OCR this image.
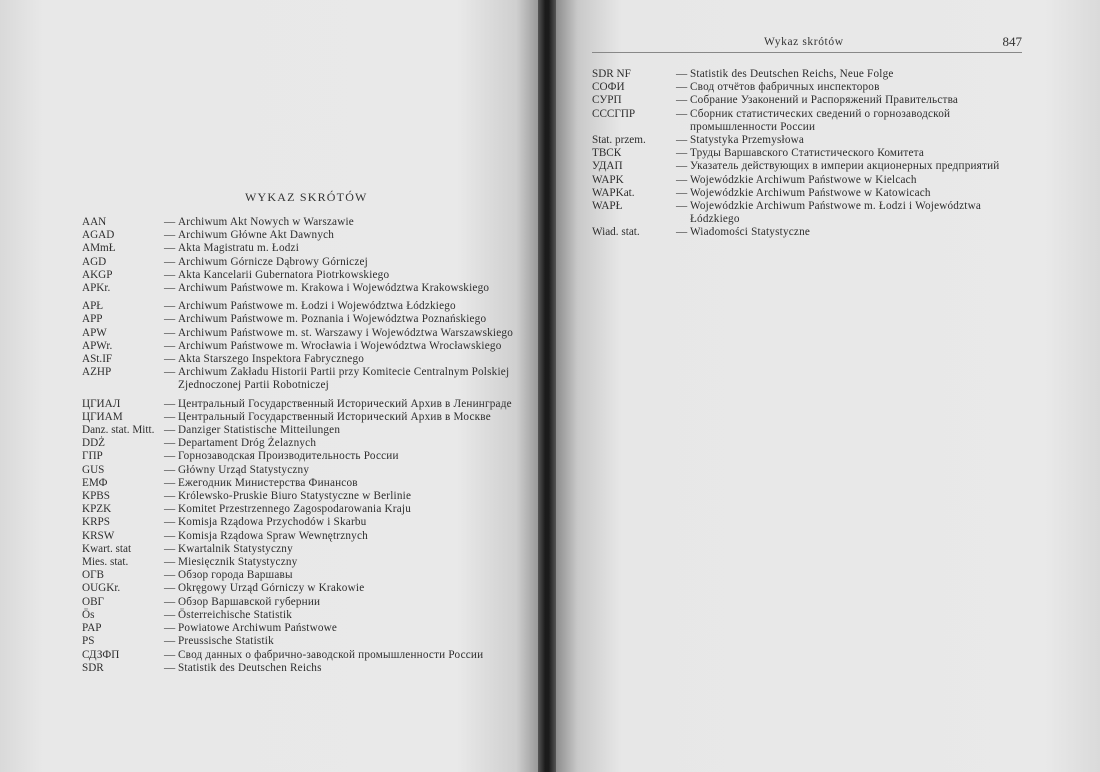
WYKAZ SKRÓTÓW
AAN	— Archiwum Akt Nowych w Warszawie
AGAD	— Archiwum Główne Akt Dawnych
AMmŁ	— Akta Magistratu m. Łodzi
AGD	— Archiwum Górnicze Dąbrowy Górniczej
AKGP	— Akta Kancelarii Gubernatora Piotrkowskiego
APKr.	— Archiwum Państwowe m. Krakowa i Województwa Krakowskiego
APŁ	— Archiwum Państwowe m. Łodzi i Województwa Łódzkiego
APP	— Archiwum Państwowe m. Poznania i Województwa Poznańskiego
APW	— Archiwum Państwowe m. st. Warszawy i Województwa Warszawskiego
APWr.	— Archiwum Państwowe m. Wrocławia i Województwa Wrocławskiego
ASt.IF	— Akta Starszego Inspektora Fabrycznego
AZHP	— Archiwum Zakładu Historii Partii przy Komitecie Centralnym Polskiej Zjednoczonej Partii Robotniczej
ЦГИАЛ	— Центральный Государственный Исторический Архив в Ленинграде
ЦГИАМ	— Центральный Государственный Исторический Архив в Москве
Danz. stat. Mitt. — Danziger Statistische Mitteilungen
DDŻ	— Departament Dróg Żelaznych
ГПР	— Горнозаводская Производительность России
GUS	— Główny Urząd Statystyczny
ЕМФ	— Ежегодник Министерства Финансов
KPBS	— Królewsko-Pruskie Biuro Statystyczne w Berlinie
KPZK	— Komitet Przestrzennego Zagospodarowania Kraju
KRPS	— Komisja Rządowa Przychodów i Skarbu
KRSW	— Komisja Rządowa Spraw Wewnętrznych
Kwart. stat	— Kwartalnik Statystyczny
Mies. stat.	— Miesięcznik Statystyczny
ОГВ	— Обзор города Варшавы
OUGKr.	— Okręgowy Urząd Górniczy w Krakowie
ОВГ	— Обзор Варшавской губернии
Ös	— Österreichische Statistik
PAP	— Powiatowe Archiwum Państwowe
PS	— Preussische Statistik
СДЗФП	— Свод данных о фабрично-заводской промышленности России
SDR	— Statistik des Deutschen Reichs
Wykaz skrótów	847
SDR NF	— Statistik des Deutschen Reichs, Neue Folge
СОФИ	— Свод отчётов фабричных инспекторов
СУРП	— Собрание Узаконений и Распоряжений Правительства
СССГПР	— Сборник статистических сведений о горнозаводской промышленности России
Stat. przem.	— Statystyka Przemysłowa
ТВСК	— Труды Варшавского Статистического Комитета
УДАП	— Указатель действующих в империи акционерных предприятий
WAPK	— Wojewódzkie Archiwum Państwowe w Kielcach
WAPKat.	— Wojewódzkie Archiwum Państwowe w Katowicach
WAPŁ	— Wojewódzkie Archiwum Państwowe m. Łodzi i Województwa Łódzkiego
Wiad. stat.	— Wiadomości Statystyczne
